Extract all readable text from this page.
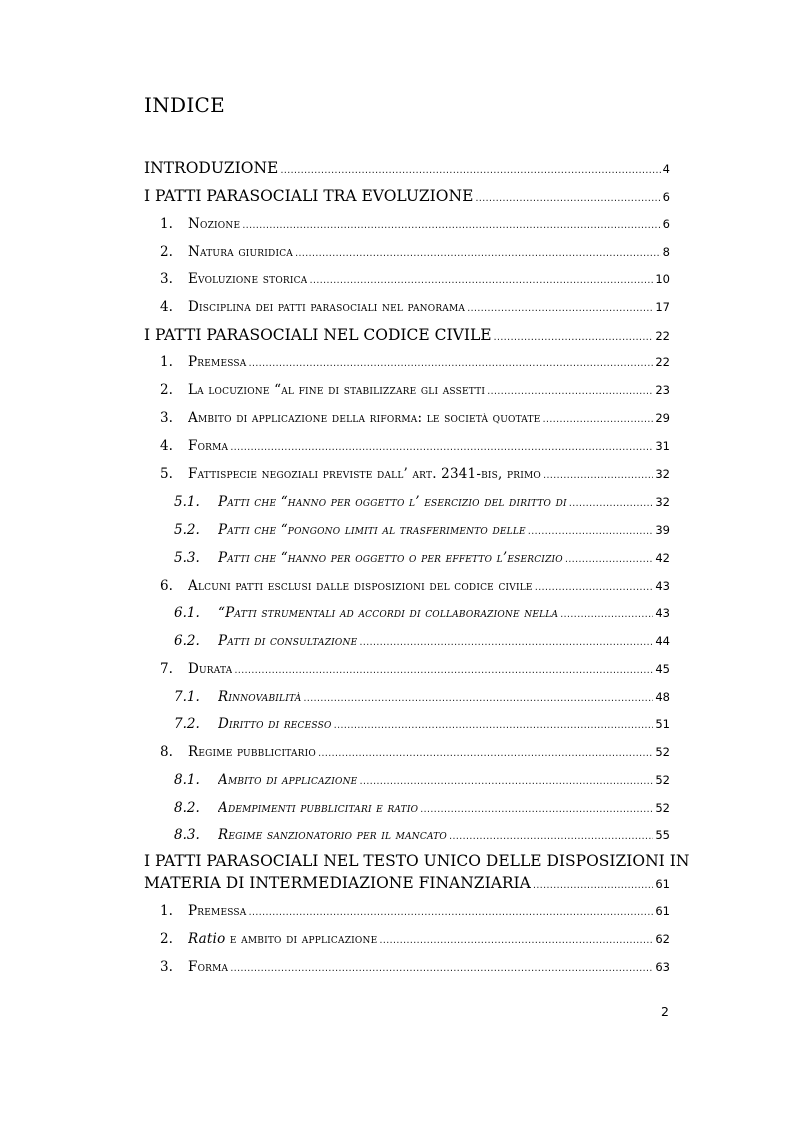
INDICE
INTRODUZIONE .....	4
I PATTI PARASOCIALI TRA EVOLUZIONE .....	6
1.	Nozione .....	6
2.	Natura giuridica .....	8
3.	Evoluzione storica .....	10
4.	Disciplina dei patti parasociali nel panorama .....	17
I PATTI PARASOCIALI NEL CODICE CIVILE .....	22
1.	Premessa .....	22
2.	La locuzione “al fine di stabilizzare gli assetti .....	23
3.	Ambito di applicazione della riforma: le società quotate .....	29
4.	Forma .....	31
5.	Fattispecie negoziali previste dall’ art. 2341-bis, primo .....	32
5.1.	Patti che “hanno per oggetto l’ esercizio del diritto di .....	32
5.2.	Patti che “pongono limiti al trasferimento delle .....	39
5.3.	Patti che “hanno per oggetto o per effetto l’esercizio .....	42
6.	Alcuni patti esclusi dalle disposizioni del codice civile .....	43
6.1.	“Patti strumentali ad accordi di collaborazione nella .....	43
6.2.	Patti di consultazione .....	44
7.	Durata .....	45
7.1.	Rinnovabilità .....	48
7.2.	Diritto di recesso .....	51
8.	Regime pubblicitario .....	52
8.1.	Ambito di applicazione .....	52
8.2.	Adempimenti pubblicitari e ratio .....	52
8.3.	Regime sanzionatorio per il mancato .....	55
I PATTI PARASOCIALI NEL TESTO UNICO DELLE DISPOSIZIONI IN
MATERIA DI INTERMEDIAZIONE FINANZIARIA .....	61
1.	Premessa .....	61
2.	Ratio e ambito di applicazione .....	62
3.	Forma .....	63
2
